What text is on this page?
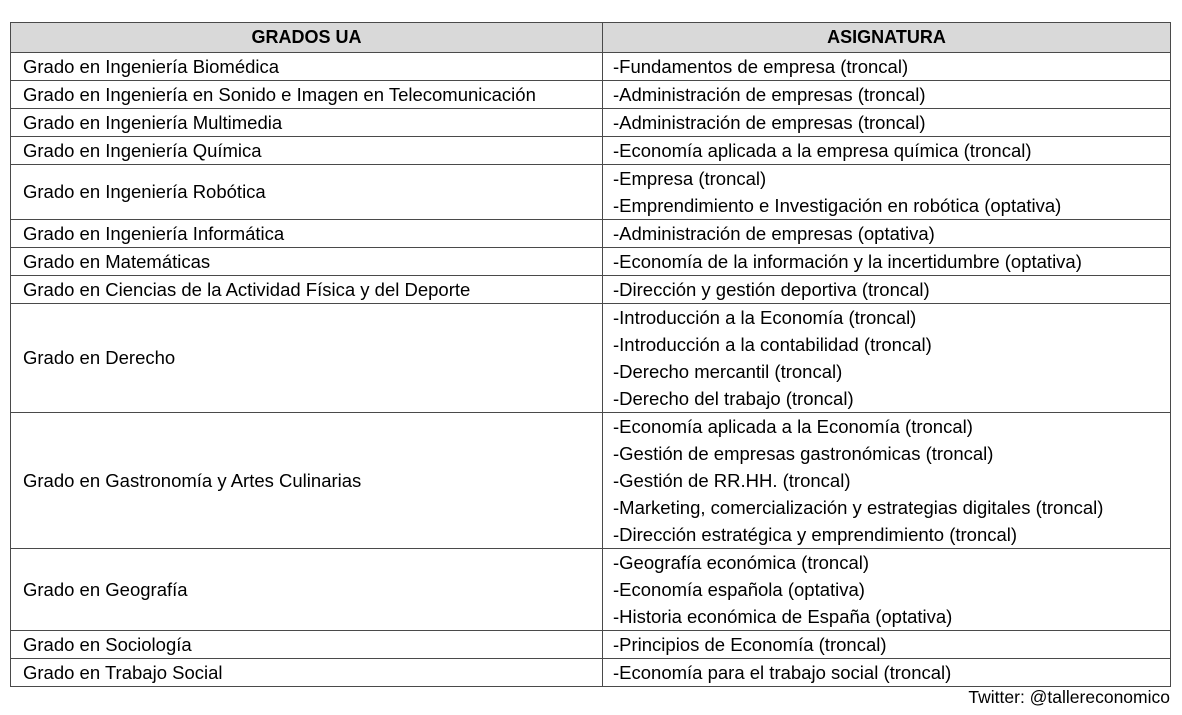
GRADOS UA	ASIGNATURA
Grado en Ingeniería Biomédica	-Fundamentos de empresa (troncal)

Grado en Ingeniería en Sonido e Imagen en Telecomunicación	-Administración de empresas (troncal)

Grado en Ingeniería Multimedia	-Administración de empresas (troncal)

Grado en Ingeniería Química	-Economía aplicada a la empresa química (troncal)

Grado en Ingeniería Robótica	-Empresa (troncal)
-Emprendimiento e Investigación en robótica (optativa)

Grado en Ingeniería Informática	-Administración de empresas (optativa)

Grado en Matemáticas	-Economía de la información y la incertidumbre (optativa)

Grado en Ciencias de la Actividad Física y del Deporte	-Dirección y gestión deportiva (troncal)

Grado en Derecho	-Introducción a la Economía (troncal)
-Introducción a la contabilidad (troncal)
-Derecho mercantil (troncal)
-Derecho del trabajo (troncal)

Grado en Gastronomía y Artes Culinarias	-Economía aplicada a la Economía (troncal)
-Gestión de empresas gastronómicas (troncal)
-Gestión de RR.HH. (troncal)
-Marketing, comercialización y estrategias digitales (troncal)
-Dirección estratégica y emprendimiento (troncal)

Grado en Geografía	-Geografía económica (troncal)
-Economía española (optativa)
-Historia económica de España (optativa)

Grado en Sociología	-Principios de Economía (troncal)

Grado en Trabajo Social	-Economía para el trabajo social (troncal)
Twitter: @tallereconomico
